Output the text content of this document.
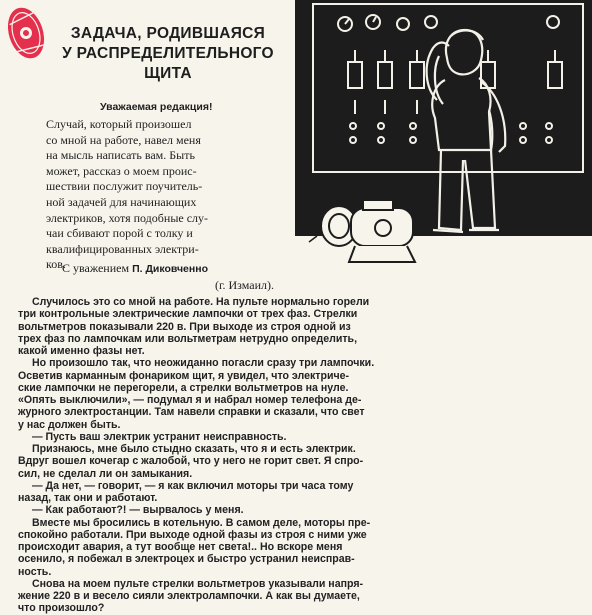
ЗАДАЧА, РОДИВШАЯСЯ
У РАСПРЕДЕЛИТЕЛЬНОГО
ЩИТА
Уважаемая редакция!
Случай, который произошел
со мной на работе, навел меня
на мысль написать вам. Быть
может, рассказ о моем проис-
шествии послужит поучитель-
ной задачей для начинающих
электриков, хотя подобные слу-
чаи сбивают порой с толку и
квалифицированных электри-
ков.
С уважением П. Диковченно
(г. Измаил).
Случилось это со мной на работе. На пульте нормально горели
три контрольные электрические лампочки от трех фаз. Стрелки
вольтметров показывали 220 в. При выходе из строя одной из
трех фаз по лампочкам или вольтметрам нетрудно определить,
какой именно фазы нет.
Но произошло так, что неожиданно погасли сразу три лампочки.
Осветив карманным фонариком щит, я увидел, что электриче-
ские лампочки не перегорели, а стрелки вольтметров на нуле.
«Опять выключили», — подумал я и набрал номер телефона де-
журного электростанции. Там навели справки и сказали, что свет
у нас должен быть.
— Пусть ваш электрик устранит неисправность.
Признаюсь, мне было стыдно сказать, что я и есть электрик.
Вдруг вошел кочегар с жалобой, что у него не горит свет. Я спро-
сил, не сделал ли он замыкания.
— Да нет, — говорит, — я как включил моторы три часа тому
назад, так они и работают.
— Как работают?! — вырвалось у меня.
Вместе мы бросились в котельную. В самом деле, моторы пре-
спокойно работали. При выходе одной фазы из строя с ними уже
происходит авария, а тут вообще нет света!.. Но вскоре меня
осенило, я побежал в электроцех и быстро устранил неисправ-
ность.
Снова на моем пульте стрелки вольтметров указывали напря-
жение 220 в и весело сияли электролампочки. А как вы думаете,
что произошло?
